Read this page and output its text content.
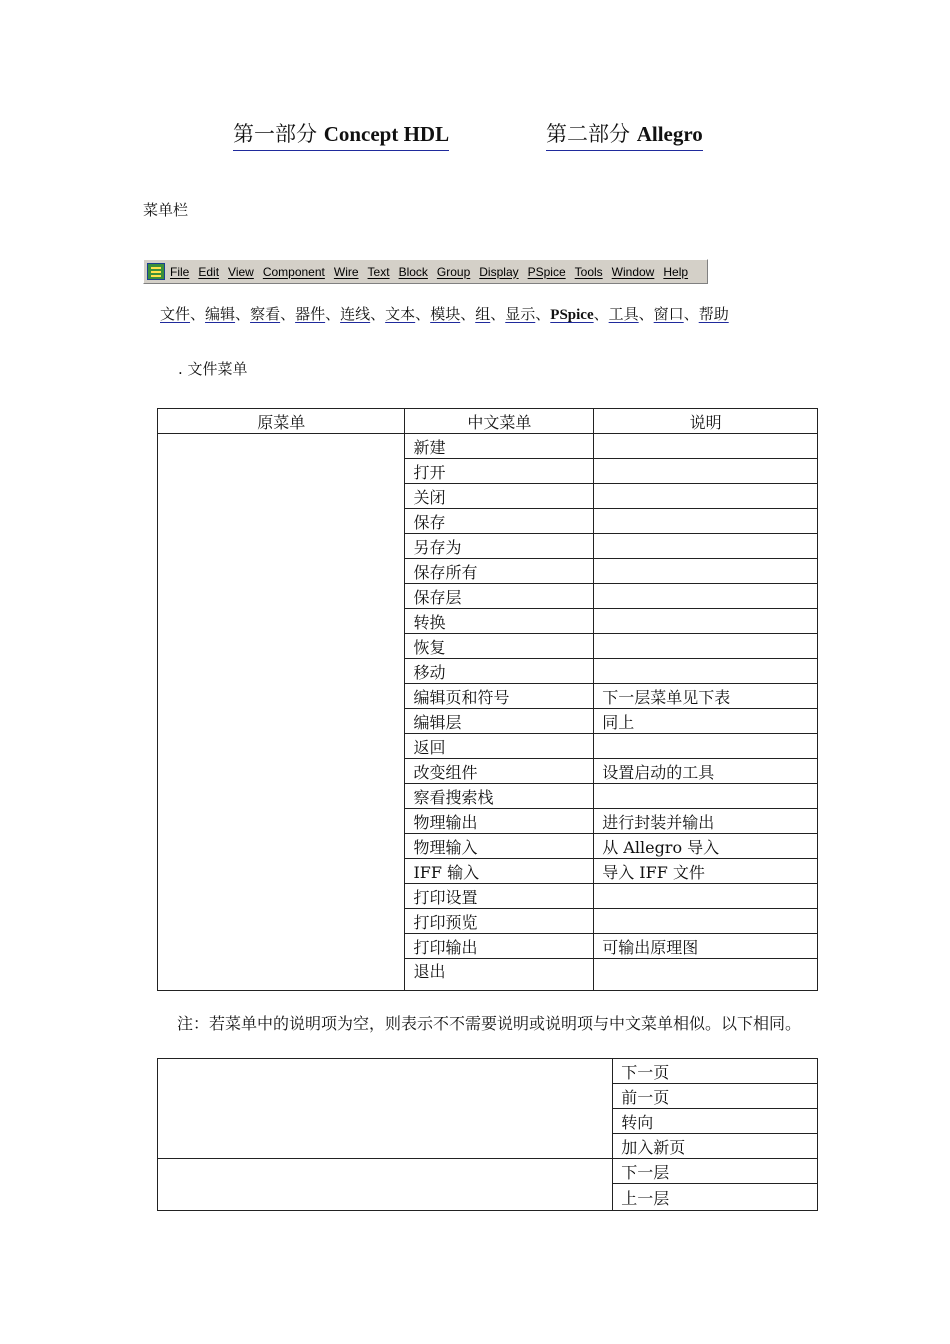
第一部分 Concept HDL	第二部分 Allegro
菜单栏
File Edit View Component Wire Text Block Group Display PSpice Tools Window Help
文件、编辑、察看、器件、连线、文本、模块、组、显示、PSpice、工具、窗口、帮助
. 文件菜单
原菜单	中文菜单	说明
	新建	
	打开	
	关闭	
	保存	
	另存为	
	保存所有	
	保存层	
	转换	
	恢复	
	移动	
	编辑页和符号	下一层菜单见下表
	编辑层	同上
	返回	
	改变组件	设置启动的工具
	察看搜索栈	
	物理输出	进行封装并输出
	物理输入	从 Allegro 导入
	IFF 输入	导入 IFF 文件
	打印设置	
	打印预览	
	打印输出	可输出原理图
	退出	
注：若菜单中的说明项为空，则表示不不需要说明或说明项与中文菜单相似。以下相同。
	下一页
	前一页
	转向
	加入新页
	下一层
	上一层
